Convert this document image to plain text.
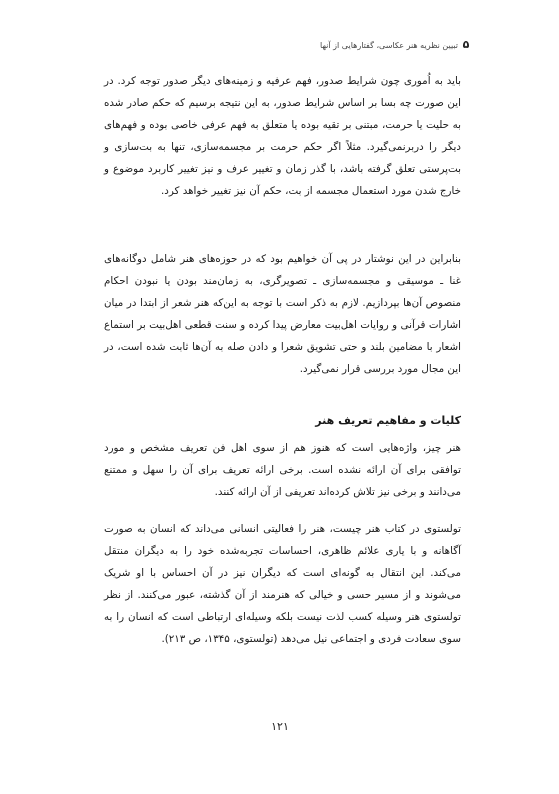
۵
تبیین نظریه هنر عکاسی، گفتارهایی از آنها

باید به اُموری چون شرایط صدور، فهم عرفیه و زمینه‌های دیگر صدور توجه کرد. در این صورت چه بسا بر اساس شرایط صدور، به این نتیجه برسیم که حکم صادر شده به حلیت یا حرمت، مبتنی بر تقیه بوده یا متعلق به فهم عرفی خاصی بوده و فهم‌های دیگر را دربرنمی‌گیرد. مثلاً اگر حکم حرمت بر مجسمه‌سازی، تنها به بت‌سازی و بت‌پرستی تعلق گرفته باشد، با گذر زمان و تغییر عرف و نیز تغییر کاربرد موضوع و خارج شدن مورد استعمال مجسمه از بت، حکم آن نیز تغییر خواهد کرد.

بنابراین در این نوشتار در پی آن خواهیم بود که در حوزه‌های هنر شامل دوگانه‌های غنا ـ موسیقی و مجسمه‌سازی ـ تصویرگری، به زمان‌مند بودن یا نبودن احکام منصوص آن‌ها بپردازیم. لازم به ذکر است با توجه به این‌که هنر شعر از ابتدا در میان اشارات قرآنی و روایات اهل‌بیت معارض پیدا کرده و سنت قطعی اهل‌بیت بر استماع اشعار با مضامین بلند و حتی تشویق شعرا و دادن صله به آن‌ها ثابت شده است، در این مجال مورد بررسی قرار نمی‌گیرد.

کلیات و مفاهیم تعریف هنر

هنر چیز، واژه‌هایی است که هنوز هم از سوی اهل فن تعریف مشخص و مورد توافقی برای آن ارائه نشده است. برخی ارائه تعریف برای آن را سهل و ممتنع می‌دانند و برخی نیز تلاش کرده‌اند تعریفی از آن ارائه کنند.

تولستوی در کتاب هنر چیست، هنر را فعالیتی انسانی می‌داند که انسان به صورت آگاهانه و با یاری علائم ظاهری، احساسات تجربه‌شده خود را به دیگران منتقل می‌کند. این انتقال به گونه‌ای است که دیگران نیز در آن احساس با او شریک می‌شوند و از مسیر حسی و خیالی که هنرمند از آن گذشته، عبور می‌کنند. از نظر تولستوی هنر وسیله کسب لذت نیست بلکه وسیله‌ای ارتباطی است که انسان را به سوی سعادت فردی و اجتماعی نیل می‌دهد (تولستوی، ۱۳۴۵، ص ۲۱۳).

۱۲۱
